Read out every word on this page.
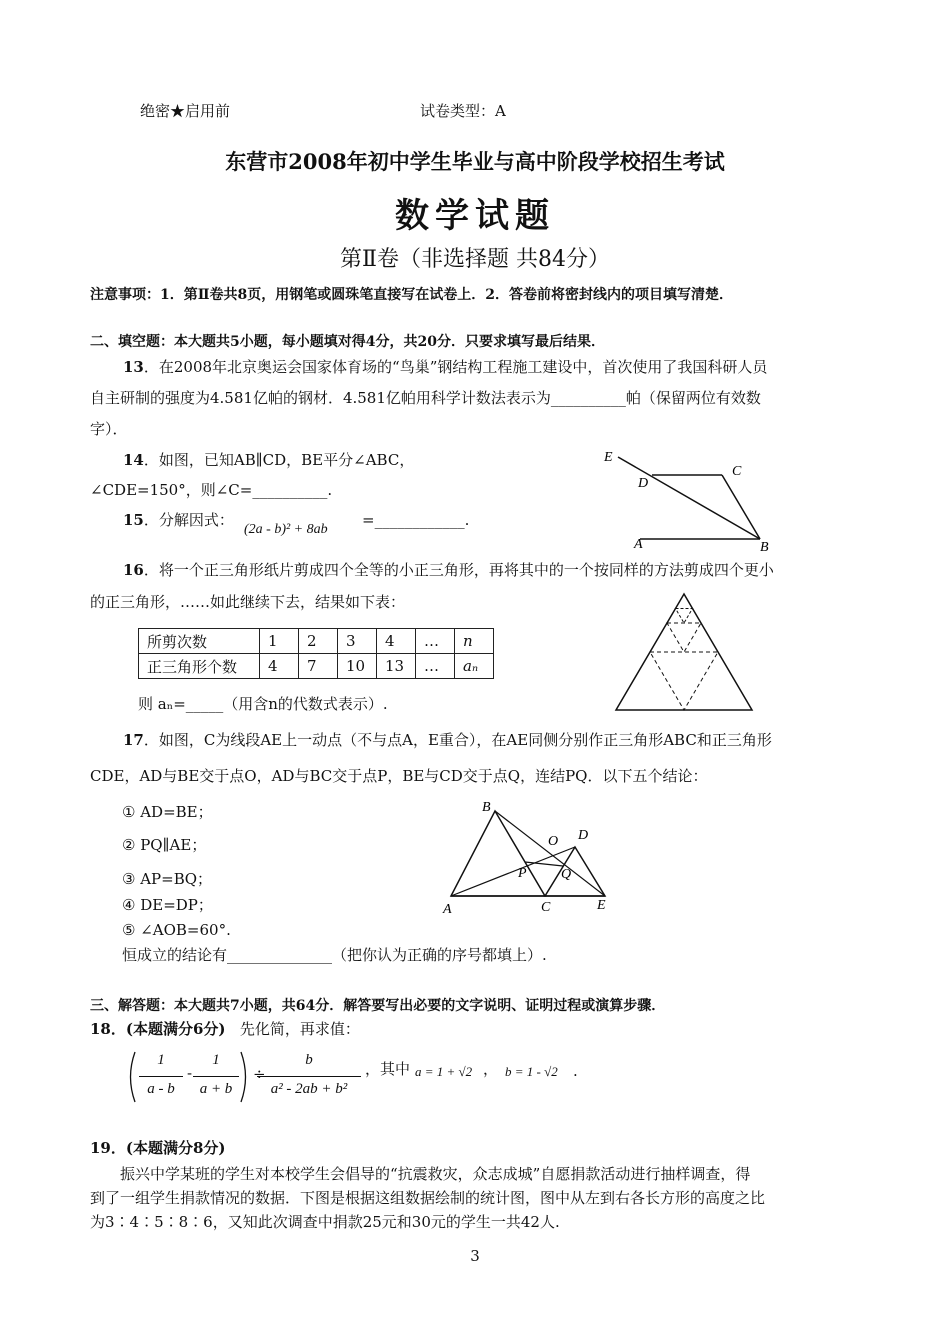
绝密★启用前	试卷类型：A
东营市2008年初中学生毕业与高中阶段学校招生考试
数学试题
第Ⅱ卷（非选择题 共84分）
注意事项：1．第Ⅱ卷共8页，用钢笔或圆珠笔直接写在试卷上．2．答卷前将密封线内的项目填写清楚．
二、填空题：本大题共5小题，每小题填对得4分，共20分．只要求填写最后结果．
13．在2008年北京奥运会国家体育场的“鸟巢”钢结构工程施工建设中，首次使用了我国科研人员
自主研制的强度为4.581亿帕的钢材．4.581亿帕用科学计数法表示为__________帕（保留两位有效数
字）．
14．如图，已知AB∥CD，BE平分∠ABC，
∠CDE=150°，则∠C=__________.
E
C
D
A	B
15．分解因式：
(2a - b)² + 8ab
=____________.
16．将一个正三角形纸片剪成四个全等的小正三角形，再将其中的一个按同样的方法剪成四个更小
的正三角形，……如此继续下去，结果如下表：
所剪次数	1	2	3	4	…	n
正三角形个数	4	7	10	13	…	aₙ
则 aₙ=_____（用含n的代数式表示）.
17．如图，C为线段AE上一动点（不与点A，E重合），在AE同侧分别作正三角形ABC和正三角形
CDE，AD与BE交于点O，AD与BC交于点P，BE与CD交于点Q，连结PQ．以下五个结论：
① AD=BE；
② PQ∥AE；
③ AP=BQ；
④ DE=DP；
⑤ ∠AOB=60°.
恒成立的结论有______________（把你认为正确的序号都填上）.
B
D
O
P Q
A	C	E
三、解答题：本大题共7小题，共64分．解答要写出必要的文字说明、证明过程或演算步骤．
18．(本题满分6分) 先化简，再求值：
1
a - b
-
1
a + b
÷
b
a² - 2ab + b²
，其中 a = 1 + √2 ， b = 1 - √2 .
19．(本题满分8分)
振兴中学某班的学生对本校学生会倡导的“抗震救灾，众志成城”自愿捐款活动进行抽样调查，得
到了一组学生捐款情况的数据．下图是根据这组数据绘制的统计图，图中从左到右各长方形的高度之比
为3∶4∶5∶8∶6，又知此次调查中捐款25元和30元的学生一共42人.
3
